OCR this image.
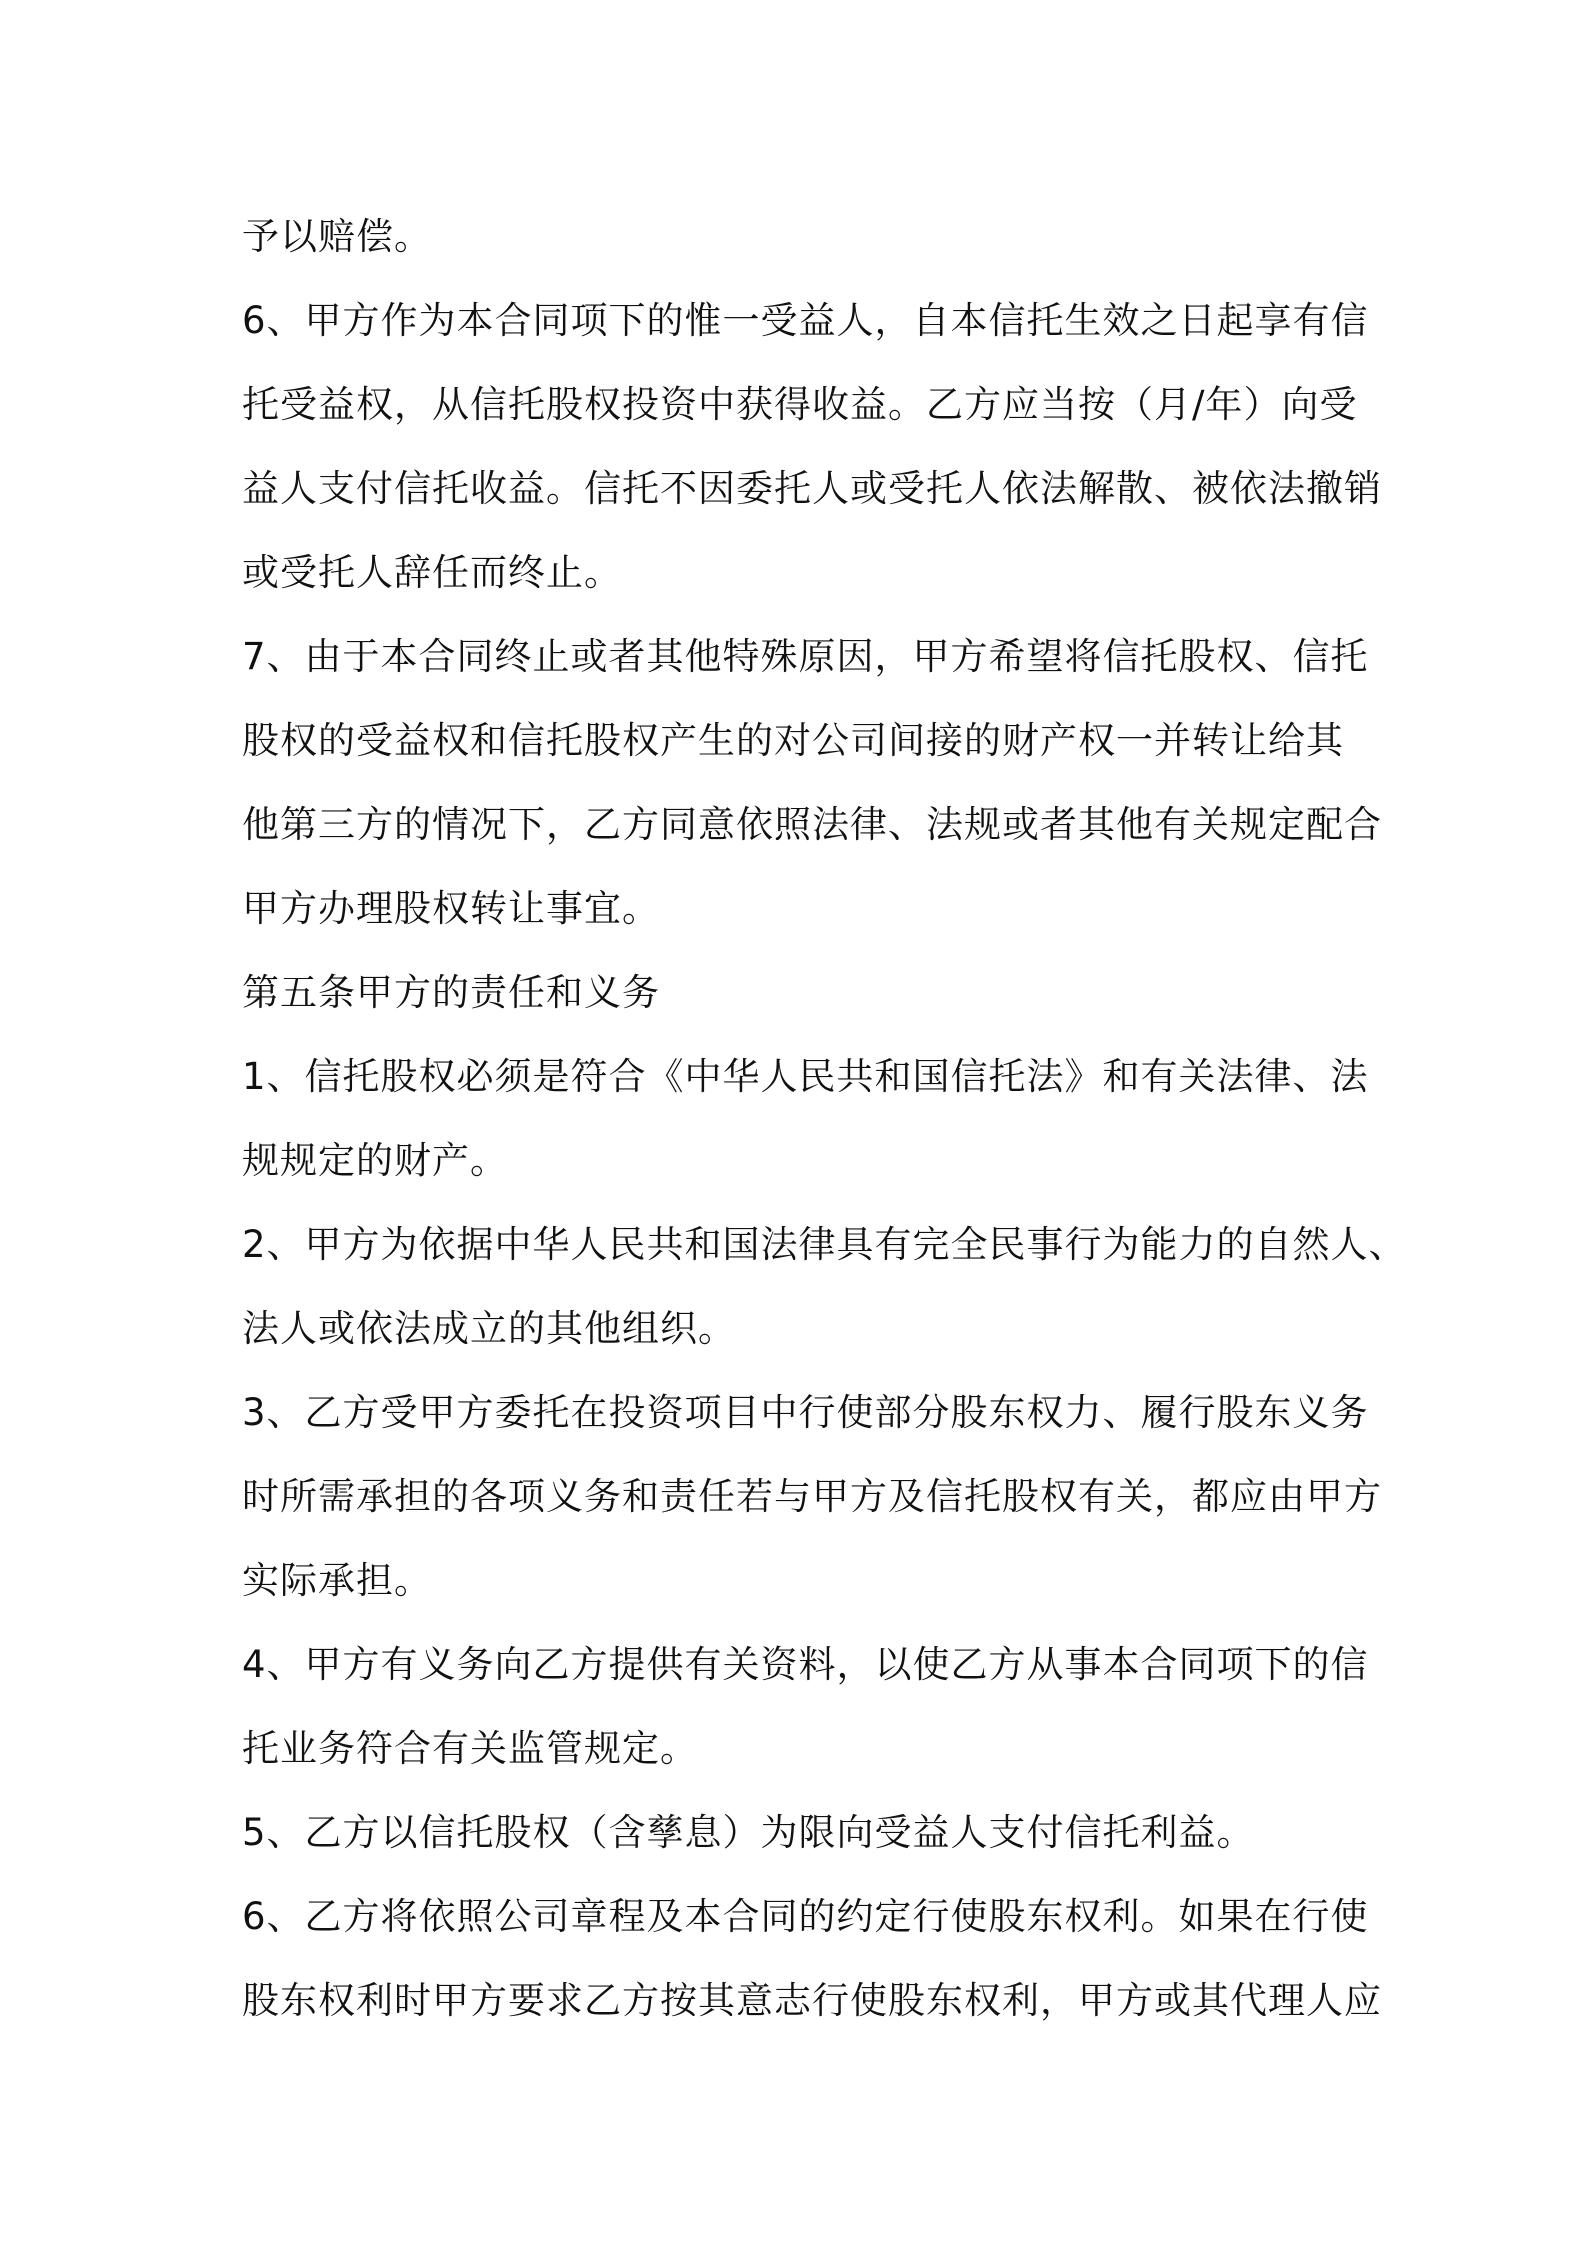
予以赔偿。
6、甲方作为本合同项下的惟一受益人，自本信托生效之日起享有信
托受益权，从信托股权投资中获得收益。乙方应当按（月/年）向受
益人支付信托收益。信托不因委托人或受托人依法解散、被依法撤销
或受托人辞任而终止。
7、由于本合同终止或者其他特殊原因，甲方希望将信托股权、信托
股权的受益权和信托股权产生的对公司间接的财产权一并转让给其
他第三方的情况下，乙方同意依照法律、法规或者其他有关规定配合
甲方办理股权转让事宜。
第五条甲方的责任和义务
1、信托股权必须是符合《中华人民共和国信托法》和有关法律、法
规规定的财产。
2、甲方为依据中华人民共和国法律具有完全民事行为能力的自然人、
法人或依法成立的其他组织。
3、乙方受甲方委托在投资项目中行使部分股东权力、履行股东义务
时所需承担的各项义务和责任若与甲方及信托股权有关，都应由甲方
实际承担。
4、甲方有义务向乙方提供有关资料，以使乙方从事本合同项下的信
托业务符合有关监管规定。
5、乙方以信托股权（含孳息）为限向受益人支付信托利益。
6、乙方将依照公司章程及本合同的约定行使股东权利。如果在行使
股东权利时甲方要求乙方按其意志行使股东权利，甲方或其代理人应
